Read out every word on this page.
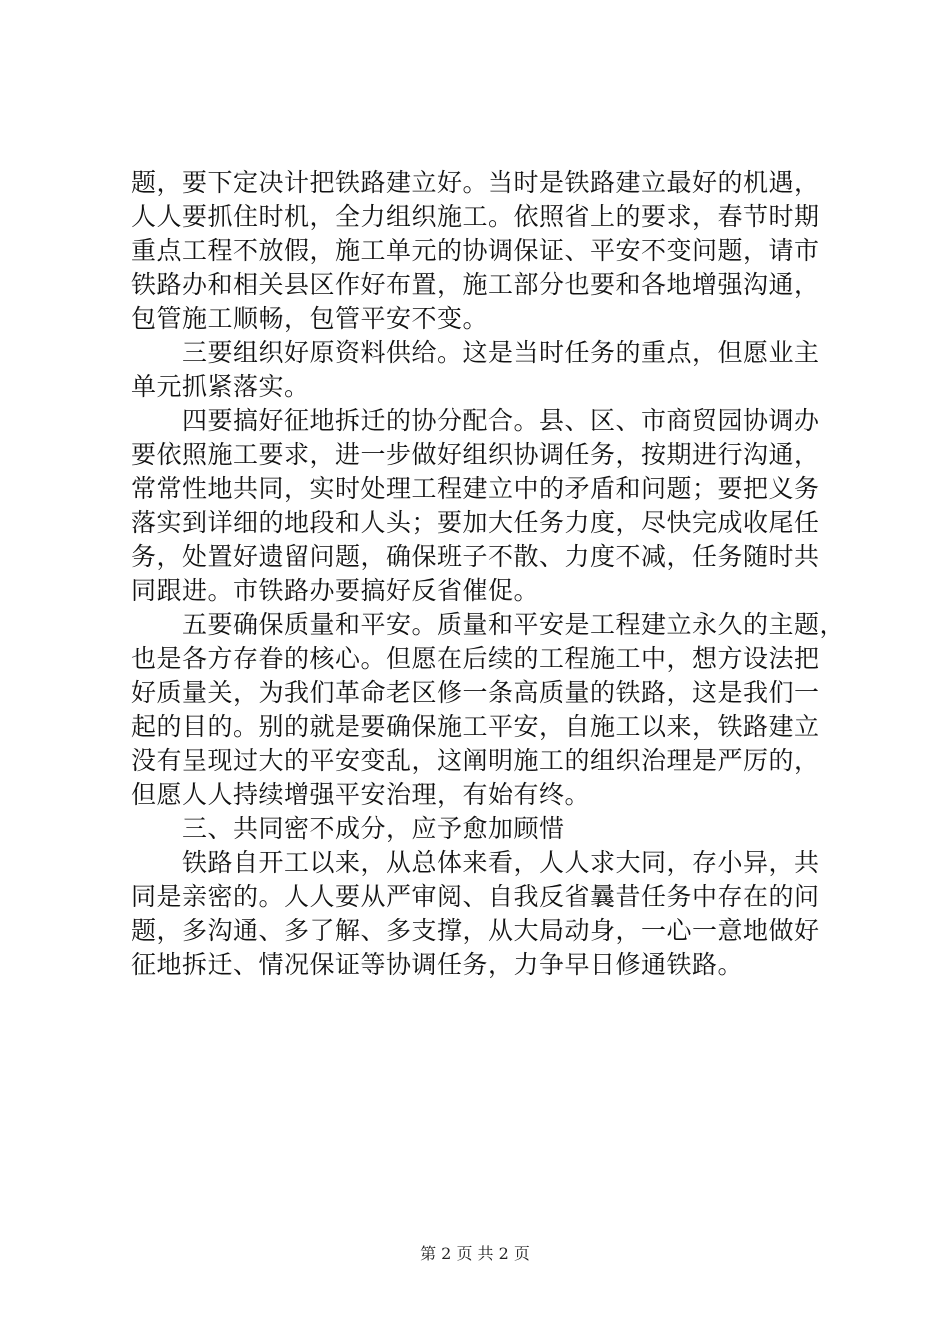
题，要下定决计把铁路建立好。当时是铁路建立最好的机遇，
人人要抓住时机，全力组织施工。依照省上的要求，春节时期
重点工程不放假，施工单元的协调保证、平安不变问题，请市
铁路办和相关县区作好布置，施工部分也要和各地增强沟通，
包管施工顺畅，包管平安不变。
　　三要组织好原资料供给。这是当时任务的重点，但愿业主
单元抓紧落实。
　　四要搞好征地拆迁的协分配合。县、区、市商贸园协调办
要依照施工要求，进一步做好组织协调任务，按期进行沟通，
常常性地共同，实时处理工程建立中的矛盾和问题；要把义务
落实到详细的地段和人头；要加大任务力度，尽快完成收尾任
务，处置好遗留问题，确保班子不散、力度不减，任务随时共
同跟进。市铁路办要搞好反省催促。
　　五要确保质量和平安。质量和平安是工程建立永久的主题，
也是各方存眷的核心。但愿在后续的工程施工中，想方设法把
好质量关，为我们革命老区修一条高质量的铁路，这是我们一
起的目的。别的就是要确保施工平安，自施工以来，铁路建立
没有呈现过大的平安变乱，这阐明施工的组织治理是严厉的，
但愿人人持续增强平安治理，有始有终。
　　三、共同密不成分，应予愈加顾惜
　　铁路自开工以来，从总体来看，人人求大同，存小异，共
同是亲密的。人人要从严审阅、自我反省曩昔任务中存在的问
题，多沟通、多了解、多支撑，从大局动身，一心一意地做好
征地拆迁、情况保证等协调任务，力争早日修通铁路。
第 2 页 共 2 页
